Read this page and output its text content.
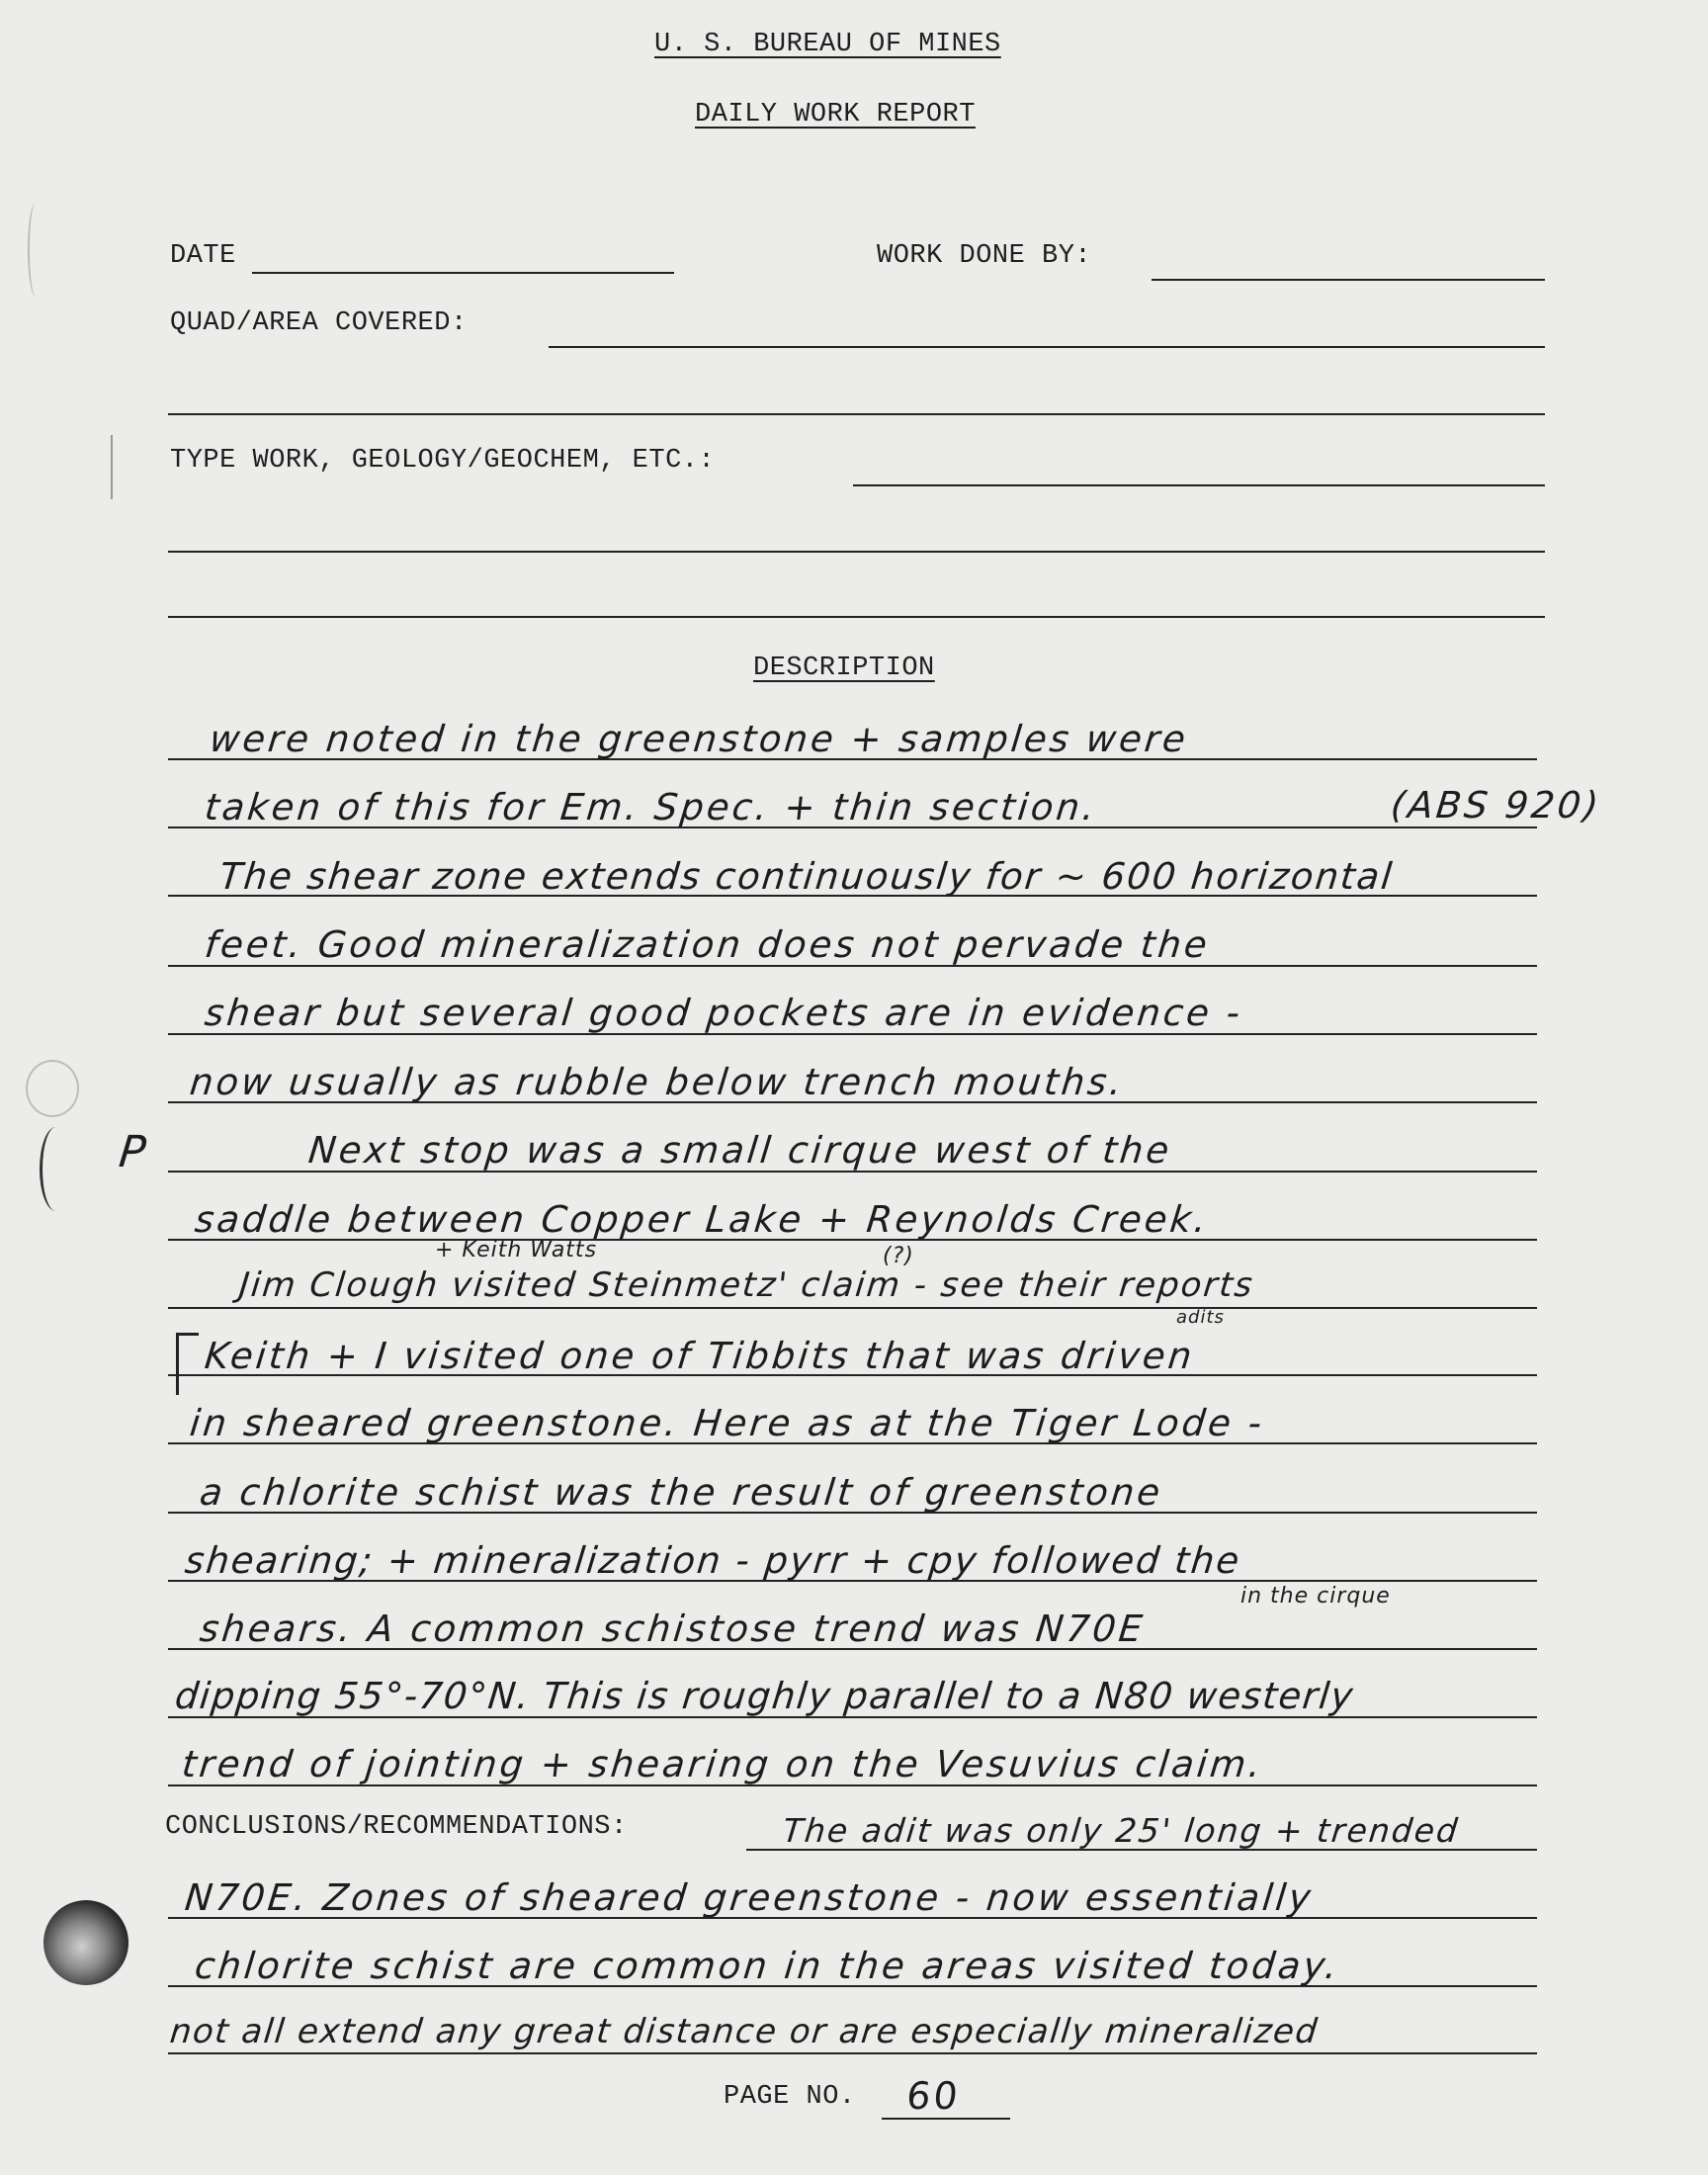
U. S. BUREAU OF MINES
DAILY WORK REPORT
DATE	WORK DONE BY:
QUAD/AREA COVERED:
TYPE WORK, GEOLOGY/GEOCHEM, ETC.:
DESCRIPTION
were noted in the greenstone + samples were
taken of this for Em. Spec. + thin section.	(ABS 920)
The shear zone extends continuously for ~ 600 horizontal
feet. Good mineralization does not pervade the
shear but several good pockets are in evidence -
now usually as rubble below trench mouths.
P	Next stop was a small cirque west of the
saddle between Copper Lake + Reynolds Creek.
+ Keith Watts	(?)
Jim Clough visited Steinmetz' claim - see their reports
adits
Keith + I visited one of Tibbits that was driven
in sheared greenstone. Here as at the Tiger Lode -
a chlorite schist was the result of greenstone
shearing; + mineralization - pyrr + cpy followed the
in the cirque
shears. A common schistose trend was N70E
dipping 55°-70°N. This is roughly parallel to a N80 westerly
trend of jointing + shearing on the Vesuvius claim.
CONCLUSIONS/RECOMMENDATIONS:	The adit was only 25' long + trended
N70E. Zones of sheared greenstone - now essentially
chlorite schist are common in the areas visited today.
not all extend any great distance or are especially mineralized
PAGE NO. 60
